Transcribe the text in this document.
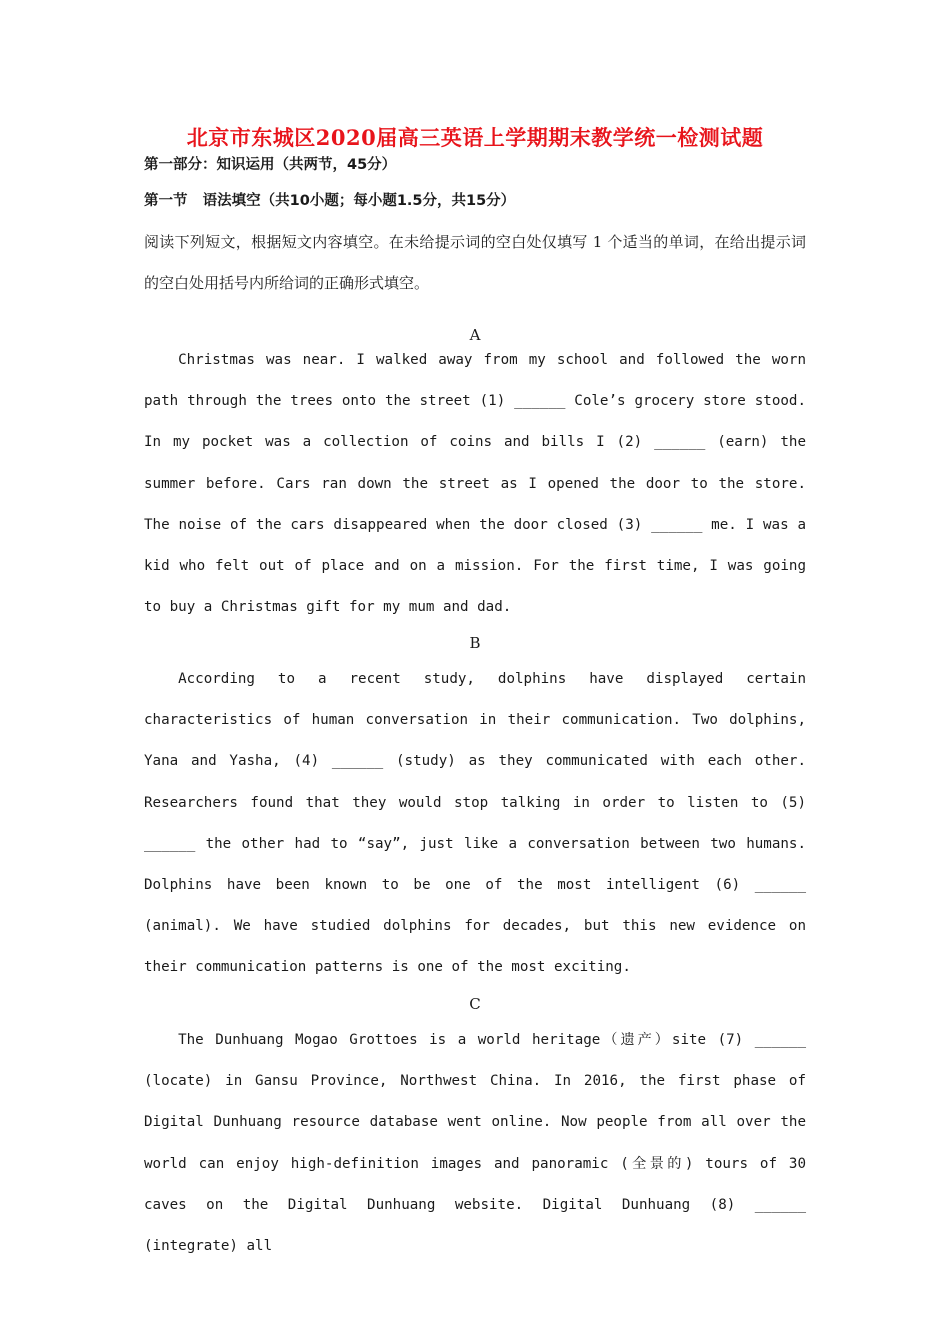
北京市东城区2020届高三英语上学期期末教学统一检测试题
第一部分：知识运用（共两节，45分）
第一节   语法填空（共10小题；每小题1.5分，共15分）
阅读下列短文，根据短文内容填空。在未给提示词的空白处仅填写 1 个适当的单词，在给出提示词的空白处用括号内所给词的正确形式填空。
A

Christmas was near. I walked away from my school and followed the worn path through the trees onto the street (1) ______ Cole’s grocery store stood. In my pocket was a collection of coins and bills I (2) ______ (earn) the summer before. Cars ran down the street as I opened the door to the store. The noise of the cars disappeared when the door closed (3) ______ me. I was a kid who felt out of place and on a mission. For the first time, I was going to buy a Christmas gift for my mum and dad.

B

According to a recent study, dolphins have displayed certain characteristics of human conversation in their communication. Two dolphins, Yana and Yasha, (4) ______ (study) as they communicated with each other. Researchers found that they would stop talking in order to listen to (5) ______ the other had to “say”, just like a conversation between two humans. Dolphins have been known to be one of the most intelligent (6) ______ (animal). We have studied dolphins for decades, but this new evidence on their communication patterns is one of the most exciting.

C

The Dunhuang Mogao Grottoes is a world heritage（遗产）site (7) ______ (locate) in Gansu Province, Northwest China. In 2016, the first phase of Digital Dunhuang resource database went online. Now people from all over the world can enjoy high-definition images and panoramic (全景的) tours of 30 caves on the Digital Dunhuang website. Digital Dunhuang (8) ______ (integrate) all
